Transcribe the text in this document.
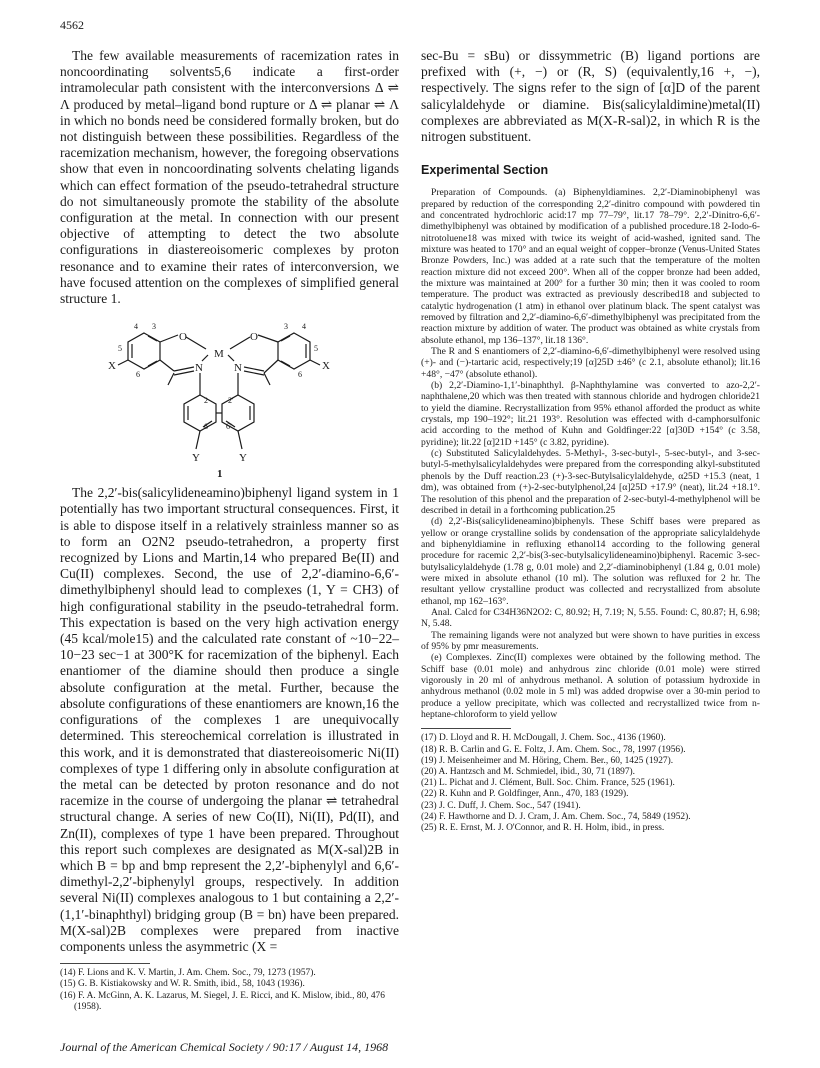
4562

The few available measurements of racemization rates in noncoordinating solvents5,6 indicate a first-order intramolecular path consistent with the interconversions Δ ⇌ Λ produced by metal–ligand bond rupture or Δ ⇌ planar ⇌ Λ in which no bonds need be considered formally broken, but do not distinguish between these possibilities. Regardless of the racemization mechanism, however, the foregoing observations show that even in noncoordinating solvents chelating ligands which can effect formation of the pseudo-tetrahedral structure do not simultaneously promote the stability of the absolute configuration at the metal. In connection with our present objective of attempting to detect the two absolute configurations in diastereoisomeric complexes by proton resonance and to examine their rates of interconversion, we have focused attention on the complexes of simplified general structure 1.

X	X
O	O
M
N	N
Y	Y
4 3
5
6
3 4
5
6
2	2′
6 6′
1

The 2,2′-bis(salicylideneamino)biphenyl ligand system in 1 potentially has two important structural consequences. First, it is able to dispose itself in a relatively strainless manner so as to form an O2N2 pseudo-tetrahedron, a property first recognized by Lions and Martin,14 who prepared Be(II) and Cu(II) complexes. Second, the use of 2,2′-diamino-6,6′-dimethylbiphenyl should lead to complexes (1, Y = CH3) of high configurational stability in the pseudo-tetrahedral form. This expectation is based on the very high activation energy (45 kcal/mole15) and the calculated rate constant of ~10−22–10−23 sec−1 at 300°K for racemization of the biphenyl. Each enantiomer of the diamine should then produce a single absolute configuration at the metal. Further, because the absolute configurations of these enantiomers are known,16 the configurations of the complexes 1 are unequivocally determined. This stereochemical correlation is illustrated in this work, and it is demonstrated that diastereoisomeric Ni(II) complexes of type 1 differing only in absolute configuration at the metal can be detected by proton resonance and do not racemize in the course of undergoing the planar ⇌ tetrahedral structural change. A series of new Co(II), Ni(II), Pd(II), and Zn(II), complexes of type 1 have been prepared. Throughout this report such complexes are designated as M(X-sal)2B in which B = bp and bmp represent the 2,2′-biphenylyl and 6,6′-dimethyl-2,2′-biphenylyl groups, respectively. In addition several Ni(II) complexes analogous to 1 but containing a 2,2′-(1,1′-binaphthyl) bridging group (B = bn) have been prepared. M(X-sal)2B complexes were prepared from inactive components unless the asymmetric (X =

(14) F. Lions and K. V. Martin, J. Am. Chem. Soc., 79, 1273 (1957).

(15) G. B. Kistiakowsky and W. R. Smith, ibid., 58, 1043 (1936).

(16) F. A. McGinn, A. K. Lazarus, M. Siegel, J. E. Ricci, and K. Mislow, ibid., 80, 476 (1958).

sec-Bu = sBu) or dissymmetric (B) ligand portions are prefixed with (+, −) or (R, S) (equivalently,16 +, −), respectively. The signs refer to the sign of [α]D of the parent salicylaldehyde or diamine. Bis(salicylaldimine)metal(II) complexes are abbreviated as M(X-R-sal)2, in which R is the nitrogen substituent.

Experimental Section

Preparation of Compounds. (a) Biphenyldiamines. 2,2′-Diaminobiphenyl was prepared by reduction of the corresponding 2,2′-dinitro compound with powdered tin and concentrated hydrochloric acid:17 mp 77–79°, lit.17 78–79°. 2,2′-Dinitro-6,6′-dimethylbiphenyl was obtained by modification of a published procedure.18 2-Iodo-6-nitrotoluene18 was mixed with twice its weight of acid-washed, ignited sand. The mixture was heated to 170° and an equal weight of copper–bronze (Venus-United States Bronze Powders, Inc.) was added at a rate such that the temperature of the molten reaction mixture did not exceed 200°. When all of the copper bronze had been added, the mixture was maintained at 200° for a further 30 min; then it was cooled to room temperature. The product was extracted as previously described18 and subjected to catalytic hydrogenation (1 atm) in ethanol over platinum black. The spent catalyst was removed by filtration and 2,2′-diamino-6,6′-dimethylbiphenyl was precipitated from the reaction mixture by addition of water. The product was obtained as white crystals from absolute ethanol, mp 136–137°, lit.18 136°.

The R and S enantiomers of 2,2′-diamino-6,6′-dimethylbiphenyl were resolved using (+)- and (−)-tartaric acid, respectively;19 [α]25D ±46° (c 2.1, absolute ethanol); lit.16 +48°, −47° (absolute ethanol).

(b) 2,2′-Diamino-1,1′-binaphthyl. β-Naphthylamine was converted to azo-2,2′-naphthalene,20 which was then treated with stannous chloride and hydrogen chloride21 to yield the diamine. Recrystallization from 95% ethanol afforded the product as white crystals, mp 190–192°; lit.21 193°. Resolution was effected with d-camphorsulfonic acid according to the method of Kuhn and Goldfinger:22 [α]30D +154° (c 3.58, pyridine); lit.22 [α]21D +145° (c 3.82, pyridine).

(c) Substituted Salicylaldehydes. 5-Methyl-, 3-sec-butyl-, 5-sec-butyl-, and 3-sec-butyl-5-methylsalicylaldehydes were prepared from the corresponding alkyl-substituted phenols by the Duff reaction.23 (+)-3-sec-Butylsalicylaldehyde, α25D +15.3 (neat, 1 dm), was obtained from (+)-2-sec-butylphenol,24 [α]25D +17.9° (neat), lit.24 +18.1°. The resolution of this phenol and the preparation of 2-sec-butyl-4-methylphenol will be described in detail in a forthcoming publication.25

(d) 2,2′-Bis(salicylideneamino)biphenyls. These Schiff bases were prepared as yellow or orange crystalline solids by condensation of the appropriate salicylaldehyde and biphenyldiamine in refluxing ethanol14 according to the following general procedure for racemic 2,2′-bis(3-sec-butylsalicylideneamino)biphenyl. Racemic 3-sec-butylsalicylaldehyde (1.78 g, 0.01 mole) and 2,2′-diaminobiphenyl (1.84 g, 0.01 mole) were mixed in absolute ethanol (10 ml). The solution was refluxed for 2 hr. The resultant yellow crystalline product was collected and recrystallized from absolute ethanol, mp 162–163°.

Anal. Calcd for C34H36N2O2: C, 80.92; H, 7.19; N, 5.55. Found: C, 80.87; H, 6.98; N, 5.48.

The remaining ligands were not analyzed but were shown to have purities in excess of 95% by pmr measurements.

(e) Complexes. Zinc(II) complexes were obtained by the following method. The Schiff base (0.01 mole) and anhydrous zinc chloride (0.01 mole) were stirred vigorously in 20 ml of anhydrous methanol. A solution of potassium hydroxide in anhydrous methanol (0.02 mole in 5 ml) was added dropwise over a 30-min period to produce a yellow precipitate, which was collected and recrystallized twice from n-heptane-chloroform to yield yellow

(17) D. Lloyd and R. H. McDougall, J. Chem. Soc., 4136 (1960).

(18) R. B. Carlin and G. E. Foltz, J. Am. Chem. Soc., 78, 1997 (1956).

(19) J. Meisenheimer and M. Höring, Chem. Ber., 60, 1425 (1927).

(20) A. Hantzsch and M. Schmiedel, ibid., 30, 71 (1897).

(21) L. Pichat and J. Clément, Bull. Soc. Chim. France, 525 (1961).

(22) R. Kuhn and P. Goldfinger, Ann., 470, 183 (1929).

(23) J. C. Duff, J. Chem. Soc., 547 (1941).

(24) F. Hawthorne and D. J. Cram, J. Am. Chem. Soc., 74, 5849 (1952).

(25) R. E. Ernst, M. J. O'Connor, and R. H. Holm, ibid., in press.

Journal of the American Chemical Society / 90:17 / August 14, 1968
